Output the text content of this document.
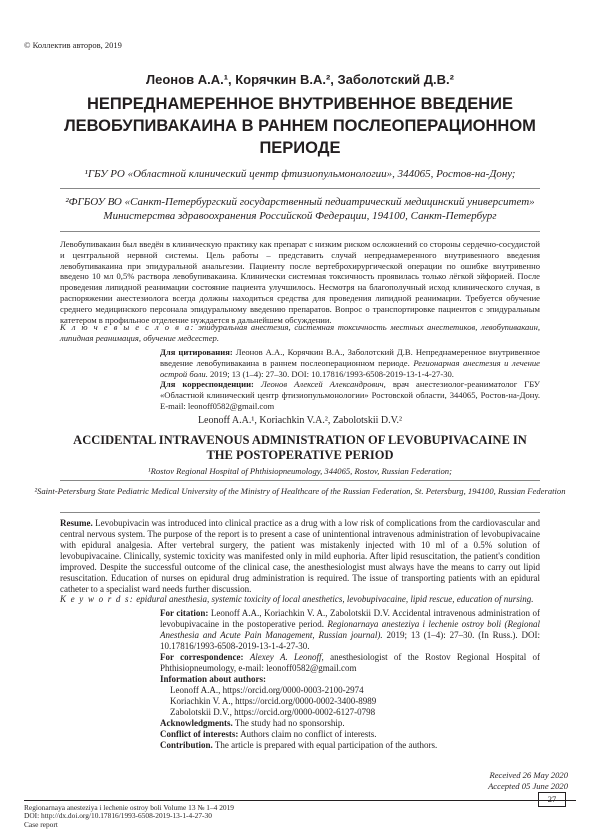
© Коллектив авторов, 2019
Леонов А.А.¹, Корячкин В.А.², Заболотский Д.В.²
НЕПРЕДНАМЕРЕННОЕ ВНУТРИВЕННОЕ ВВЕДЕНИЕ ЛЕВОБУПИВАКАИНА В РАННЕМ ПОСЛЕОПЕРАЦИОННОМ ПЕРИОДЕ
¹ГБУ РО «Областной клинический центр фтизиопульмонологии», 344065, Ростов-на-Дону;
²ФГБОУ ВО «Санкт-Петербургский государственный педиатрический медицинский университет» Министерства здравоохранения Российской Федерации, 194100, Санкт-Петербург
Левобупивакаин был введён в клиническую практику как препарат с низким риском осложнений со стороны сердечно-сосудистой и центральной нервной системы. Цель работы – представить случай непреднамеренного внутривенного введения левобупивакаина при эпидуральной анальгезии. Пациенту после вертеброхирургической операции по ошибке внутривенно введено 10 мл 0,5% раствора левобупивакаина. Клинически системная токсичность проявилась только лёгкой эйфорией. После проведения липидной реанимации состояние пациента улучшилось. Несмотря на благополучный исход клинического случая, в распоряжении анестезиолога всегда должны находиться средства для проведения липидной реанимации. Требуется обучение среднего медицинского персонала эпидуральному введению препаратов. Вопрос о транспортировке пациентов с эпидуральным катетером в профильное отделение нуждается в дальнейшем обсуждении.
К л ю ч е в ы е с л о в а: эпидуральная анестезия, системная токсичность местных анестетиков, левобупивакаин, липидная реанимация, обучение медсестер.
Для цитирования: Леонов А.А., Корячкин В.А., Заболотский Д.В. Непреднамеренное внутривенное введение левобупивакаина в раннем послеоперационном периоде. Регионарная анестезия и лечение острой боли. 2019; 13 (1–4): 27–30. DOI: 10.17816/1993-6508-2019-13-1-4-27-30.
Для корреспонденции: Леонов Алексей Александрович, врач анестезиолог-реаниматолог ГБУ «Областной клинический центр фтизиопульмонологии» Ростовской области, 344065, Ростов-на-Дону. E-mail: leonoff0582@gmail.com
Leonoff A.A.¹, Koriachkin V.A.², Zabolotskii D.V.²
ACCIDENTAL INTRAVENOUS ADMINISTRATION OF LEVOBUPIVACAINE IN THE POSTOPERATIVE PERIOD
¹Rostov Regional Hospital of Phthisiopneumology, 344065, Rostov, Russian Federation;
²Saint-Petersburg State Pediatric Medical University of the Ministry of Healthcare of the Russian Federation, St. Petersburg, 194100, Russian Federation
Resume. Levobupivacin was introduced into clinical practice as a drug with a low risk of complications from the cardiovascular and central nervous system. The purpose of the report is to present a case of unintentional intravenous administration of levobupivacaine with epidural analgesia. After vertebral surgery, the patient was mistakenly injected with 10 ml of a 0.5% solution of levobupivacaine. Clinically, systemic toxicity was manifested only in mild euphoria. After lipid resuscitation, the patient's condition improved. Despite the successful outcome of the clinical case, the anesthesiologist must always have the means to carry out lipid resuscitation. Education of nurses on epidural drug administration is required. The issue of transporting patients with an epidural catheter to a specialist ward needs further discussion.
K e y w o r d s: epidural anesthesia, systemic toxicity of local anesthetics, levobupivacaine, lipid rescue, education of nursing.
For citation: Leonoff A.A., Koriachkin V. A., Zabolotskii D.V. Accidental intravenous administration of levobupivacaine in the postoperative period. Regionarnaya anesteziya i lechenie ostroy boli (Regional Anesthesia and Acute Pain Management, Russian journal). 2019; 13 (1–4): 27–30. (In Russ.). DOI: 10.17816/1993-6508-2019-13-1-4-27-30.
For correspondence: Alexey A. Leonoff, anesthesiologist of the Rostov Regional Hospital of Phthisiopneumology, e-mail: leonoff0582@gmail.com
Information about authors:

Leonoff A.A., https://orcid.org/0000-0003-2100-2974
Koriachkin V. A., https://orcid.org/0000-0002-3400-8989
Zabolotskii D.V., https://orcid.org/0000-0002-6127-0798
Acknowledgments. The study had no sponsorship.
Conflict of interests: Authors claim no conflict of interests.
Contribution. The article is prepared with equal participation of the authors.
Received 26 May 2020
Accepted 05 June 2020
27
Regionarnaya anesteziya i lechenie ostroy boli Volume 13 № 1–4 2019
DOI: http://dx.doi.org/10.17816/1993-6508-2019-13-1-4-27-30
Case report
